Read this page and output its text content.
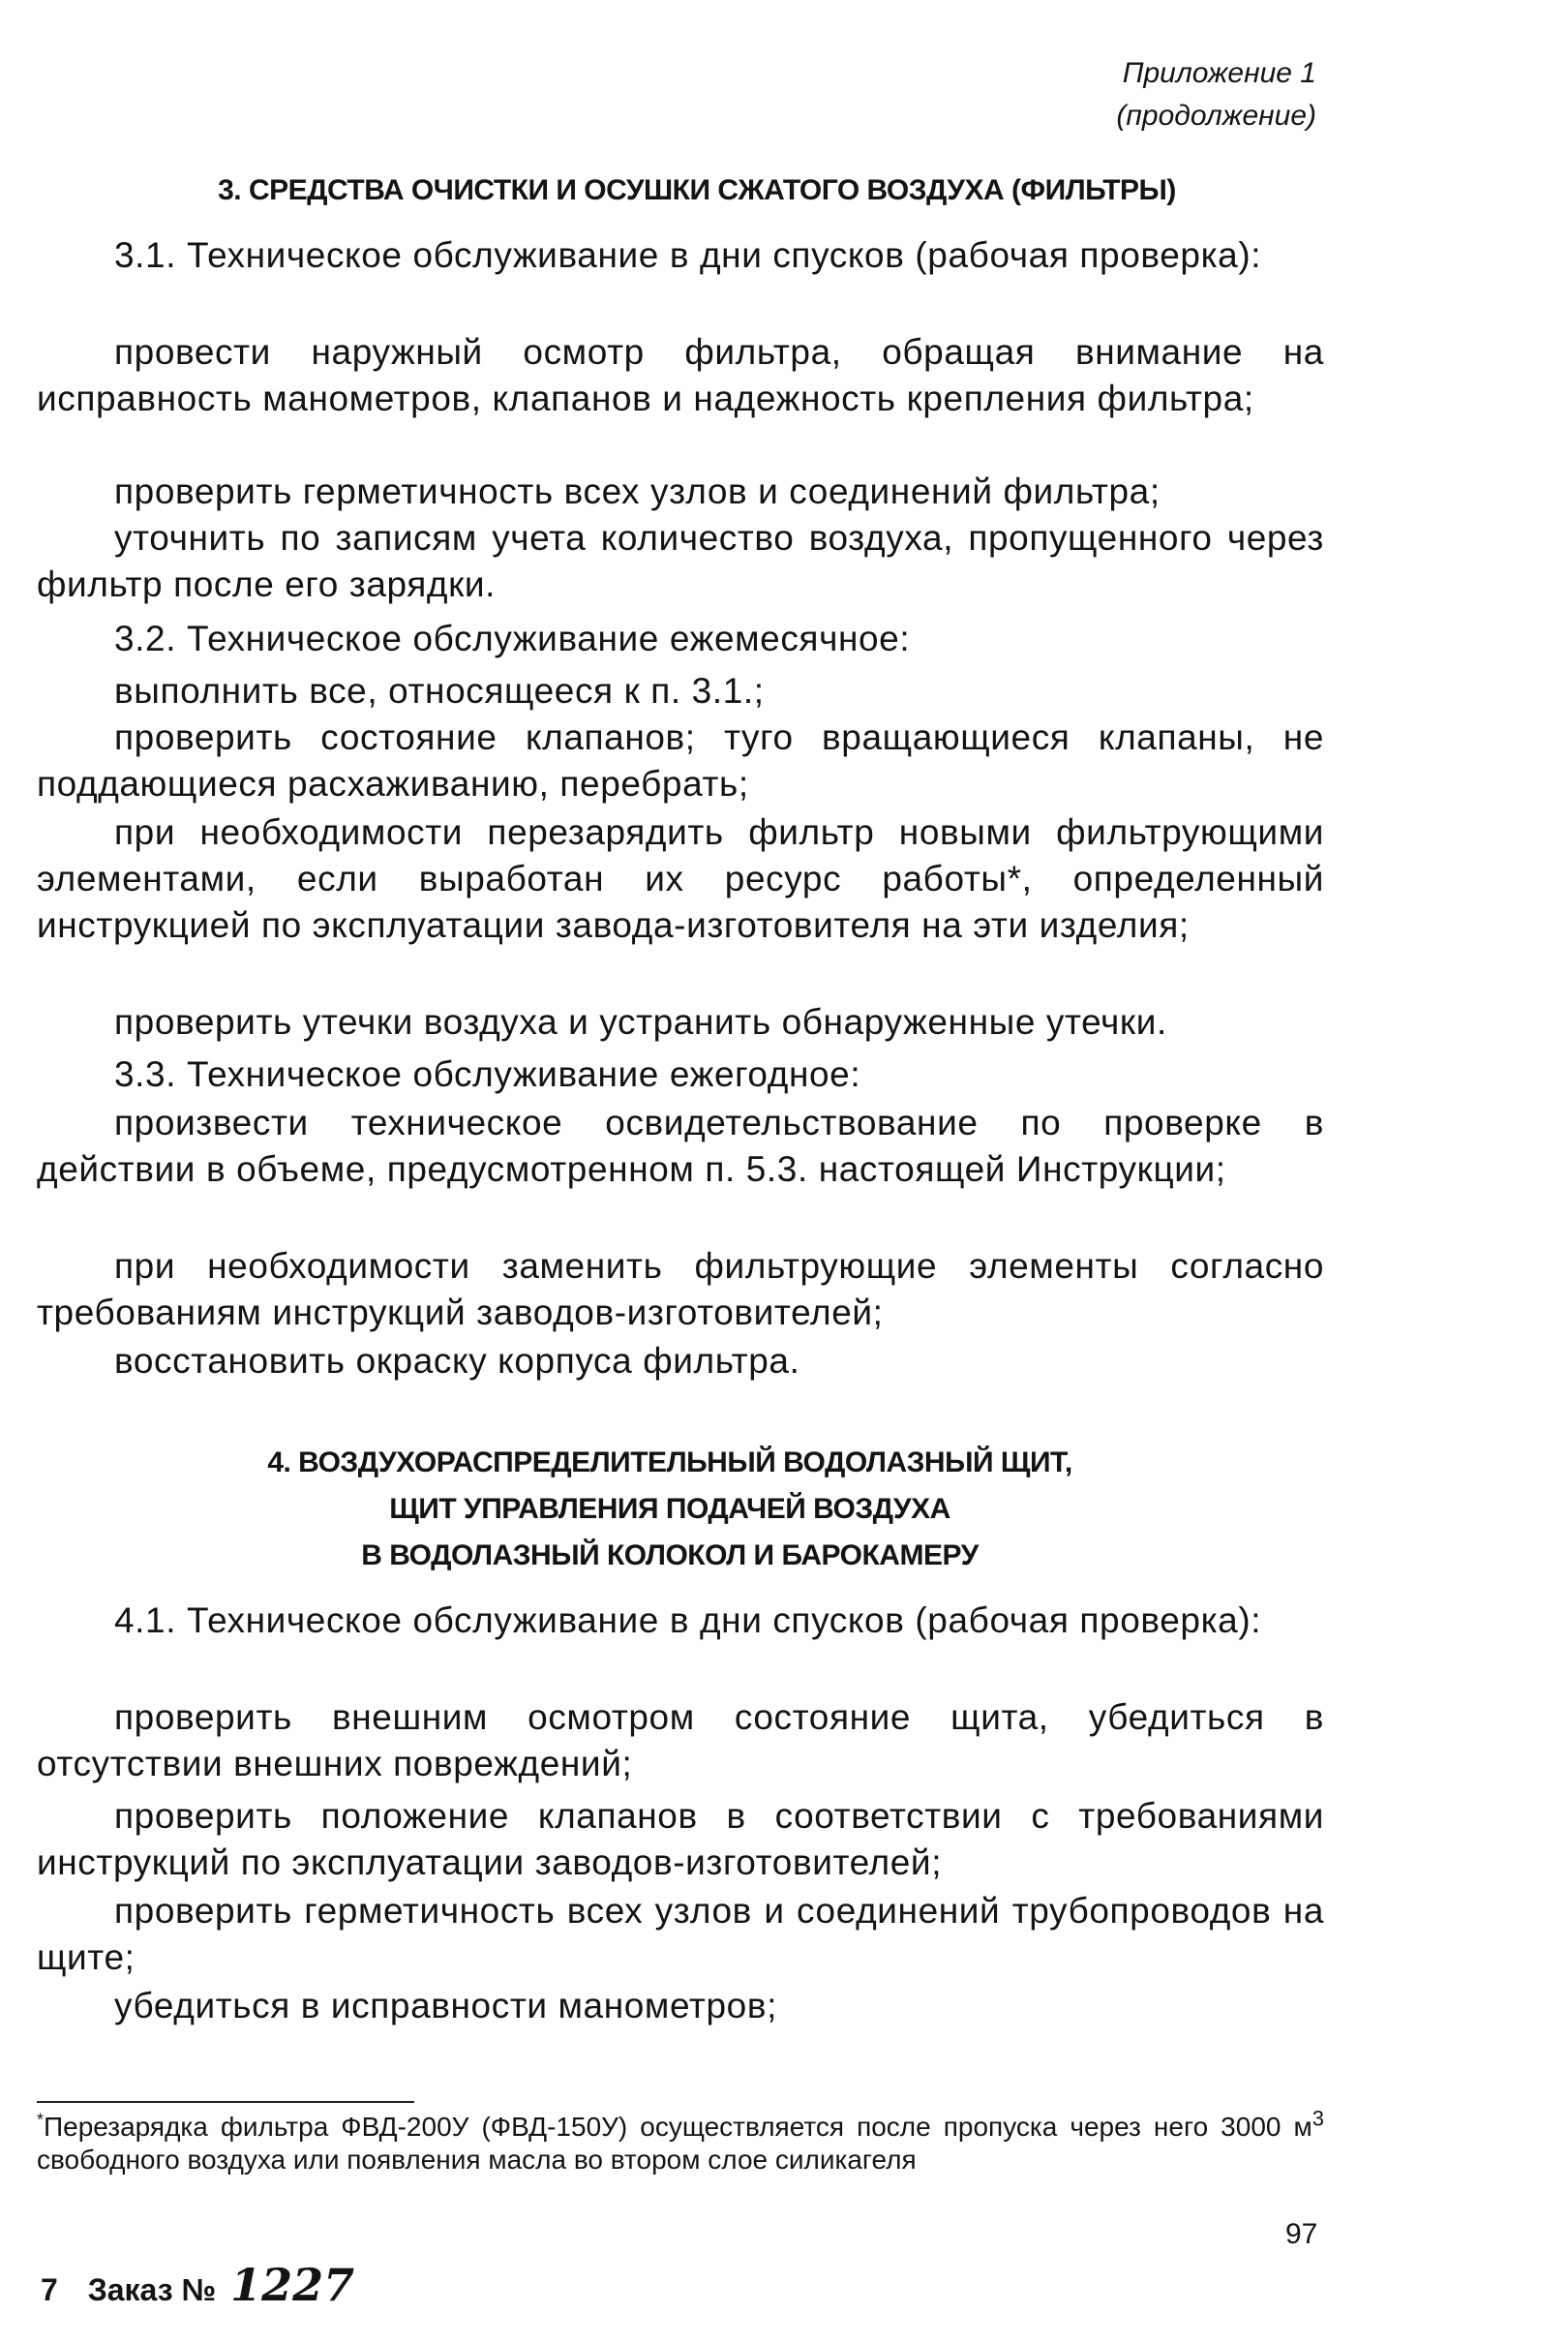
Приложение 1
(продолжение)
3. СРЕДСТВА ОЧИСТКИ И ОСУШКИ СЖАТОГО ВОЗДУХА (ФИЛЬТРЫ)
3.1. Техническое обслуживание в дни спусков (рабочая проверка):
провести наружный осмотр фильтра, обращая внимание на исправность манометров, клапанов и надежность крепления фильтра;
проверить герметичность всех узлов и соединений фильтра;
уточнить по записям учета количество воздуха, пропущенного через фильтр после его зарядки.
3.2. Техническое обслуживание ежемесячное:
выполнить все, относящееся к п. 3.1.;
проверить состояние клапанов; туго вращающиеся клапаны, не поддающиеся расхаживанию, перебрать;
при необходимости перезарядить фильтр новыми фильтрующими элементами, если выработан их ресурс работы*, определенный инструкцией по эксплуатации завода-изготовителя на эти изделия;
проверить утечки воздуха и устранить обнаруженные утечки.
3.3. Техническое обслуживание ежегодное:
произвести техническое освидетельствование по проверке в действии в объеме, предусмотренном п. 5.3. настоящей Инструкции;
при необходимости заменить фильтрующие элементы согласно требованиям инструкций заводов-изготовителей;
восстановить окраску корпуса фильтра.
4. ВОЗДУХОРАСПРЕДЕЛИТЕЛЬНЫЙ ВОДОЛАЗНЫЙ ЩИТ,
ЩИТ УПРАВЛЕНИЯ ПОДАЧЕЙ ВОЗДУХА
В ВОДОЛАЗНЫЙ КОЛОКОЛ И БАРОКАМЕРУ
4.1. Техническое обслуживание в дни спусков (рабочая проверка):
проверить внешним осмотром состояние щита, убедиться в отсутствии внешних повреждений;
проверить положение клапанов в соответствии с требованиями инструкций по эксплуатации заводов-изготовителей;
проверить герметичность всех узлов и соединений трубопроводов на щите;
убедиться в исправности манометров;
*Перезарядка фильтра ФВД-200У (ФВД-150У) осуществляется после пропуска через него 3000 $м^3$ свободного воздуха или появления масла во втором слое силикагеля
97
7 Заказ № 1227
